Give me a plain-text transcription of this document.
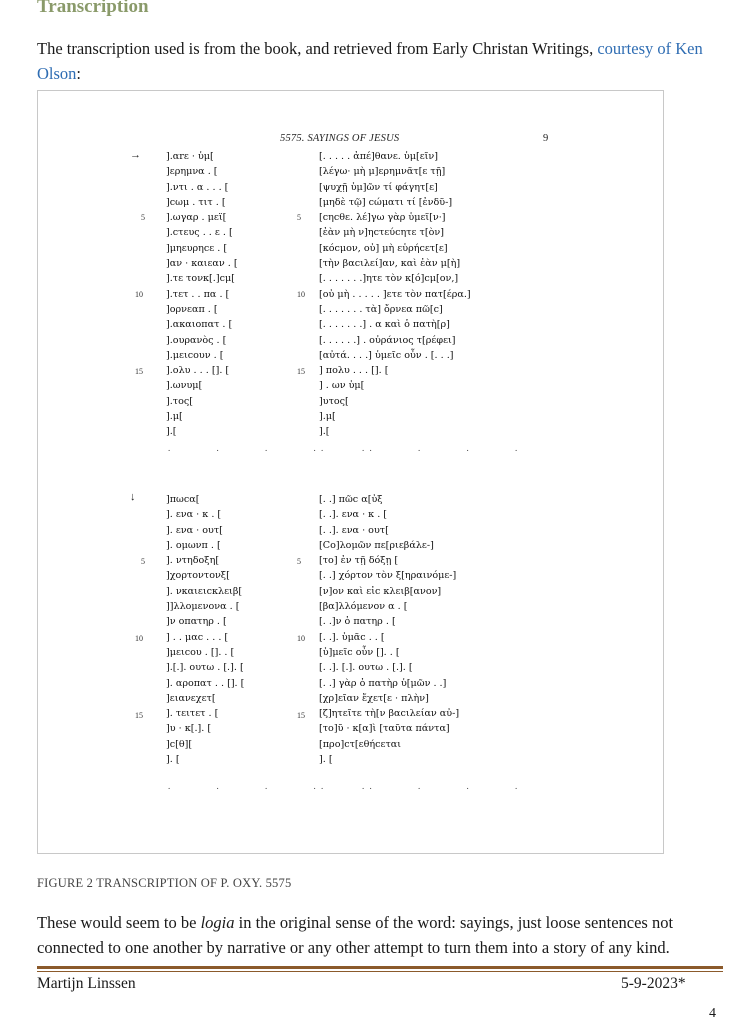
Transcription
The transcription used is from the book, and retrieved from Early Christan Writings, courtesy of Ken Olson:
5575. SAYINGS OF JESUS	9
→
5
10
15
].αrε · ὑμ[
]ερημνα . [
].ντι . α . . . [
]cωμ . τιτ . [
].ωγαρ . μεϊ[
].cτευς . . ε . [
]μηευρηcε . [
]αν · καιεαν . [
].τε τονκ[.]cμ[
].τετ . . πα . [
]ορνεαπ . [
].ακαιοπατ . [
].ουρανὸς . [
].μειcουν . [
].ολυ . . . []. [
].ωνυμ[
].τος[
].μ[
].[
5
10
15
[. . . . . ἀπέ]θανε. ὑμ[εῖν]
[λέγω· μὴ μ]ερημνᾶτ[ε τῇ]
[ψυχῇ ὑμ]ῶν τί φάγητ[ε]
[μηδὲ τῷ] cώματι τί [ἐνδῦ-]
[cηcθε. λέ]γω γὰρ ὑμεῖ[ν·]
[ἐὰν μὴ ν]ηcτεύcητε τ[ὸν]
[κόcμον, οὐ] μὴ εὑρήcετ[ε]
[τὴν βαcιλεί]αν, καὶ ἐὰν μ[ὴ]
[. . . . . . .]ητε τὸν κ[ό]cμ[ον,]
[οὐ μὴ . . . . . ]ετε τὸν πατ[έρα.]
[. . . . . . . τὰ] ὄρνεα πῶ[c]
[. . . . . . .] . α καὶ ὁ πατὴ[ρ]
[. . . . . .] . οὐράνιος τ[ρέφει]
[αὐτά. . . .] ὑμεῖc οὖν . [. . .]
] πολυ . . . []. [
] . ων ὑμ[
]υτος[
].μ[
].[
. . . . .
. . . . .
↓
5
10
15
]πωcα[
]. ενα · κ . [
]. ενα · ουτ[
]. ομωνπ . [
]. ντηδοξη[
]χορτοντονξ[
]. νκαιειcκλειβ[
]]λλομενονα . [
]ν οπατηρ . [
] . . μαc . . . [
]μειcου . []. . [
].[.]. ουτω . [.]. [
]. αροπατ . . []. [
]ειανεχετ[
]. τειτετ . [
]υ · κ[.]. [
]c[θ][
]. [
5
10
15
[. .] πῶc α[ὐξ
[. .]. ενα · κ . [
[. .]. ενα · ουτ[
[Cο]λομῶν πε[ριεβάλε-]
[το] ἐν τῇ δόξῃ [
[. .] χόρτον τὸν ξ[ηραινόμε-]
[ν]ον καὶ εἰc κλειβ[ανον]
[βα]λλόμενον α . [
[. .]ν ὁ πατηρ . [
[. .]. ὑμᾶc . . [
[ὑ]μεῖc οὖν []. . [
[. .]. [.]. ουτω . [.]. [
[. .] γὰρ ὁ πατὴρ ὑ[μῶν . .]
[χρ]εῖαν ἔχετ[ε · πλὴν]
[ζ]ητεῖτε τὴ[ν βαcιλείαν αὐ-]
[το]ῦ · κ[α]ὶ [ταῦτα πάντα]
[προ]cτ[εθήcεται
]. [
. . . . .
. . . . .
FIGURE 2 TRANSCRIPTION OF P. OXY. 5575
These would seem to be logia in the original sense of the word: sayings, just loose sentences not connected to one another by narrative or any other attempt to turn them into a story of any kind.
Martijn Linssen	5-9-2023*
4
